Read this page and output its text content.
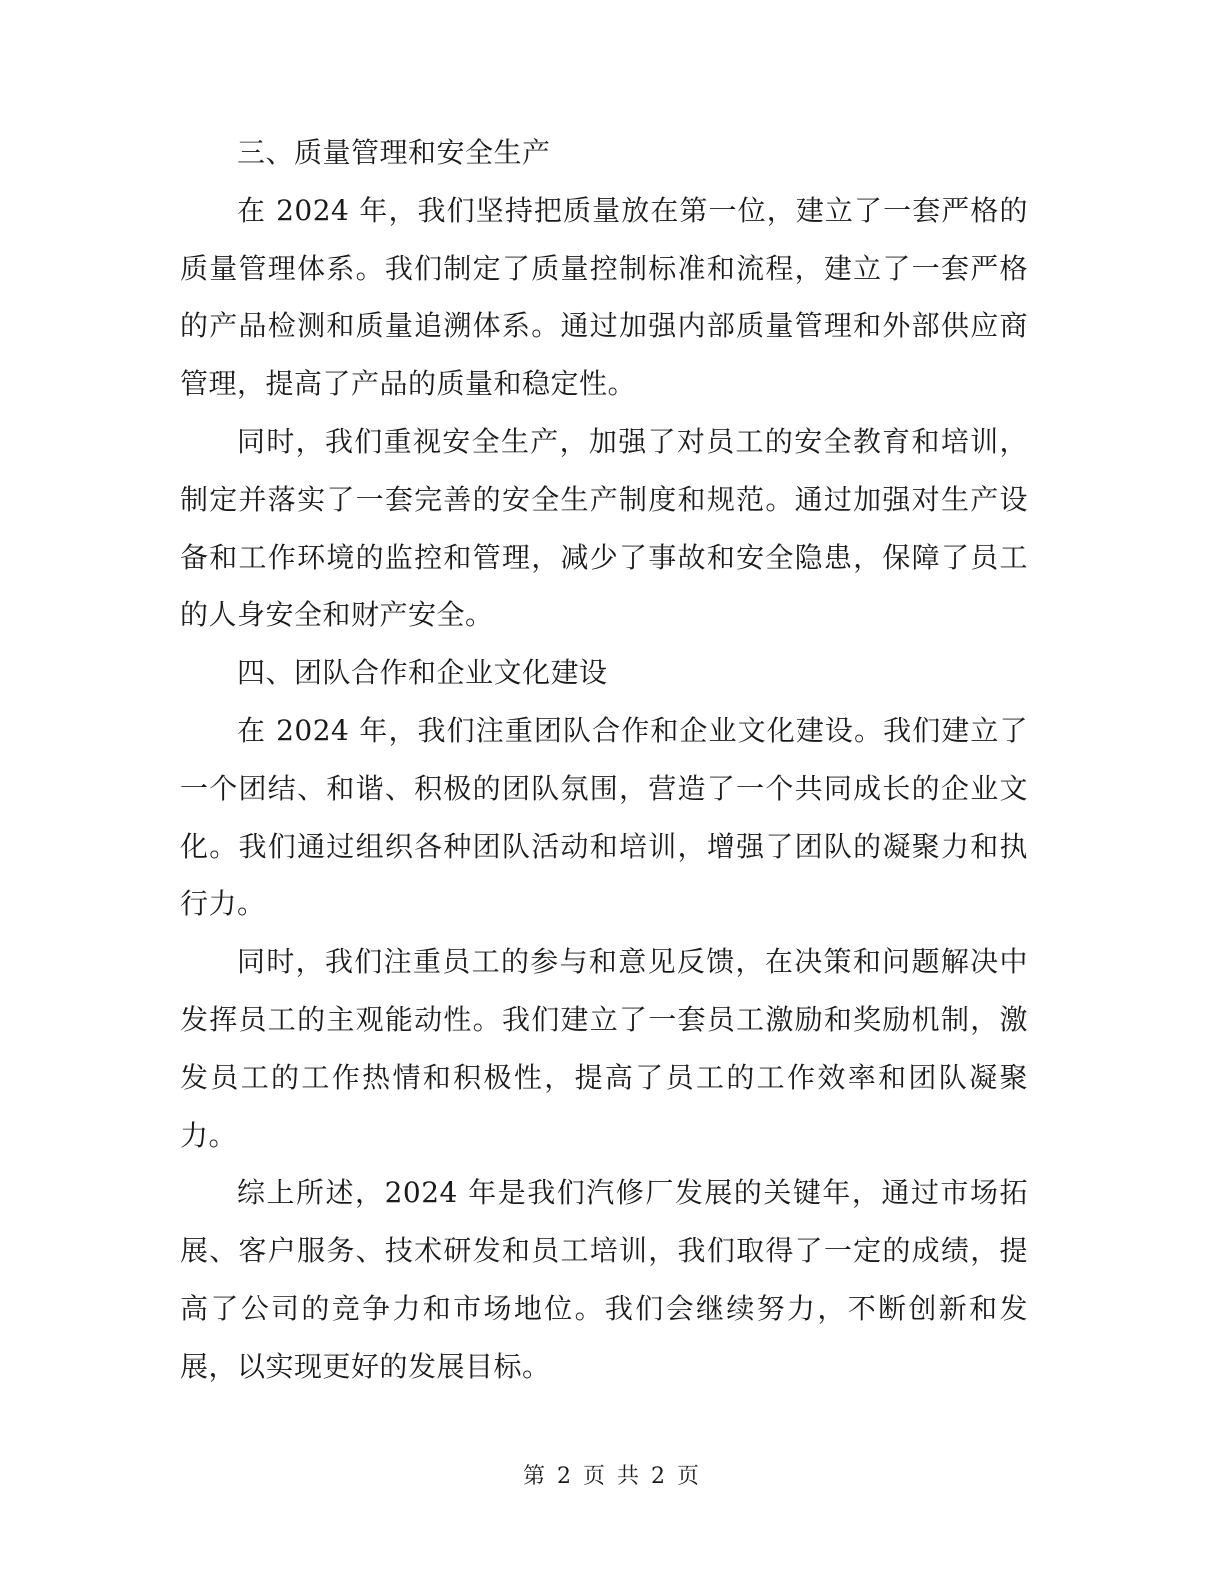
三、质量管理和安全生产

在 2024 年，我们坚持把质量放在第一位，建立了一套严格的质量管理体系。我们制定了质量控制标准和流程，建立了一套严格的产品检测和质量追溯体系。通过加强内部质量管理和外部供应商管理，提高了产品的质量和稳定性。

同时，我们重视安全生产，加强了对员工的安全教育和培训，制定并落实了一套完善的安全生产制度和规范。通过加强对生产设备和工作环境的监控和管理，减少了事故和安全隐患，保障了员工的人身安全和财产安全。

四、团队合作和企业文化建设

在 2024 年，我们注重团队合作和企业文化建设。我们建立了一个团结、和谐、积极的团队氛围，营造了一个共同成长的企业文化。我们通过组织各种团队活动和培训，增强了团队的凝聚力和执行力。

同时，我们注重员工的参与和意见反馈，在决策和问题解决中发挥员工的主观能动性。我们建立了一套员工激励和奖励机制，激发员工的工作热情和积极性，提高了员工的工作效率和团队凝聚力。

综上所述，2024 年是我们汽修厂发展的关键年，通过市场拓展、客户服务、技术研发和员工培训，我们取得了一定的成绩，提高了公司的竞争力和市场地位。我们会继续努力，不断创新和发展，以实现更好的发展目标。

第 2 页 共 2 页
